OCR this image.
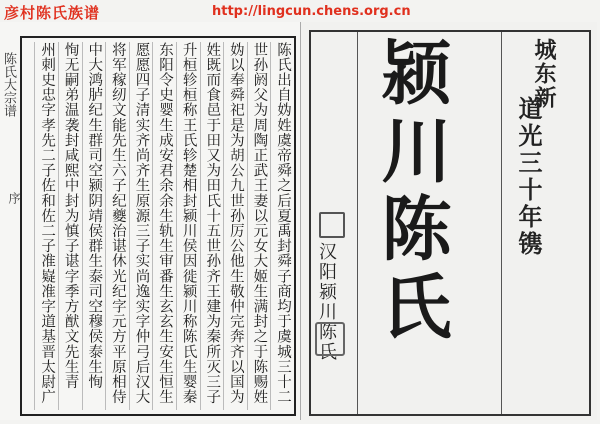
陈氏大宗谱
序	陈氏出自妫姓虞帝舜之后夏禹封舜子商均于虞城三十二
世孙阏父为周陶正武王妻以元女大姬生满封之于陈赐姓
妫以奉舜祀是为胡公九世孙厉公他生敬仲完奔齐以国为
姓既而食邑于田又为田氏十五世孙齐王建为秦所灭三子
升桓轸桓称王氏轸楚相封颍川侯因徙颍川称陈氏生婴秦
东阳令史婴生成安君余余生轨生审番生玄玄生安生恒生
愿愿四子清实齐尚齐生原源三子实尚逸实字仲弓后汉大
将军稼纫文能先生六子纪夔治谌休光纪字元方平原相侍
中大鸿胪纪生群司空颍阴靖侯群生泰司空穆侯泰生恂
恂无嗣弟温袭封咸熙中封为慎子谌字季方猷文先生青
州刺史忠字孝先二子佐和佐二子准嶷准字道基晋太尉广	城东新
道光三十年镌
颍川陈氏
汉阳颍川陈氏
彦村陈氏族谱	http://lingcun.chens.org.cn
